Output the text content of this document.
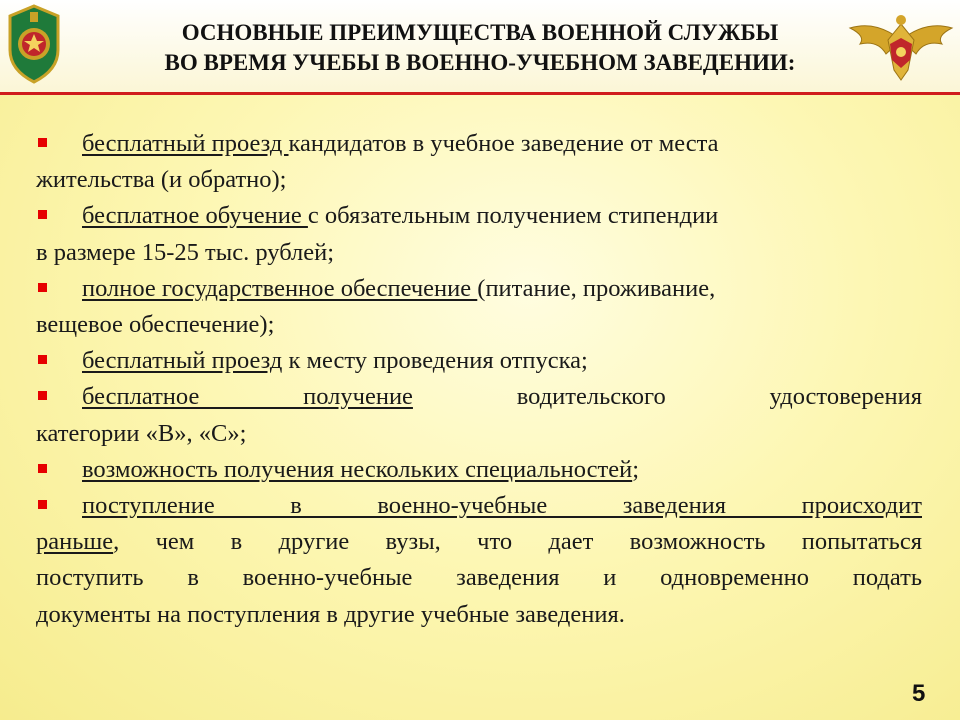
ОСНОВНЫЕ ПРЕИМУЩЕСТВА ВОЕННОЙ СЛУЖБЫ
ВО ВРЕМЯ УЧЕБЫ В ВОЕННО-УЧЕБНОМ ЗАВЕДЕНИИ:
бесплатный проезд кандидатов в учебное заведение от места
жительства (и обратно);
бесплатное обучение с обязательным получением стипендии
в размере 15-25 тыс. рублей;
полное государственное обеспечение (питание, проживание,
вещевое обеспечение);
бесплатный проезд к месту проведения отпуска;
бесплатное получение водительского удостоверения
категории «В», «С»;
возможность получения нескольких специальностей;
поступление в военно-учебные заведения происходит
раньше, чем в другие вузы, что дает возможность попытаться
поступить в военно-учебные заведения и одновременно подать
документы на поступления в другие учебные заведения.
5
